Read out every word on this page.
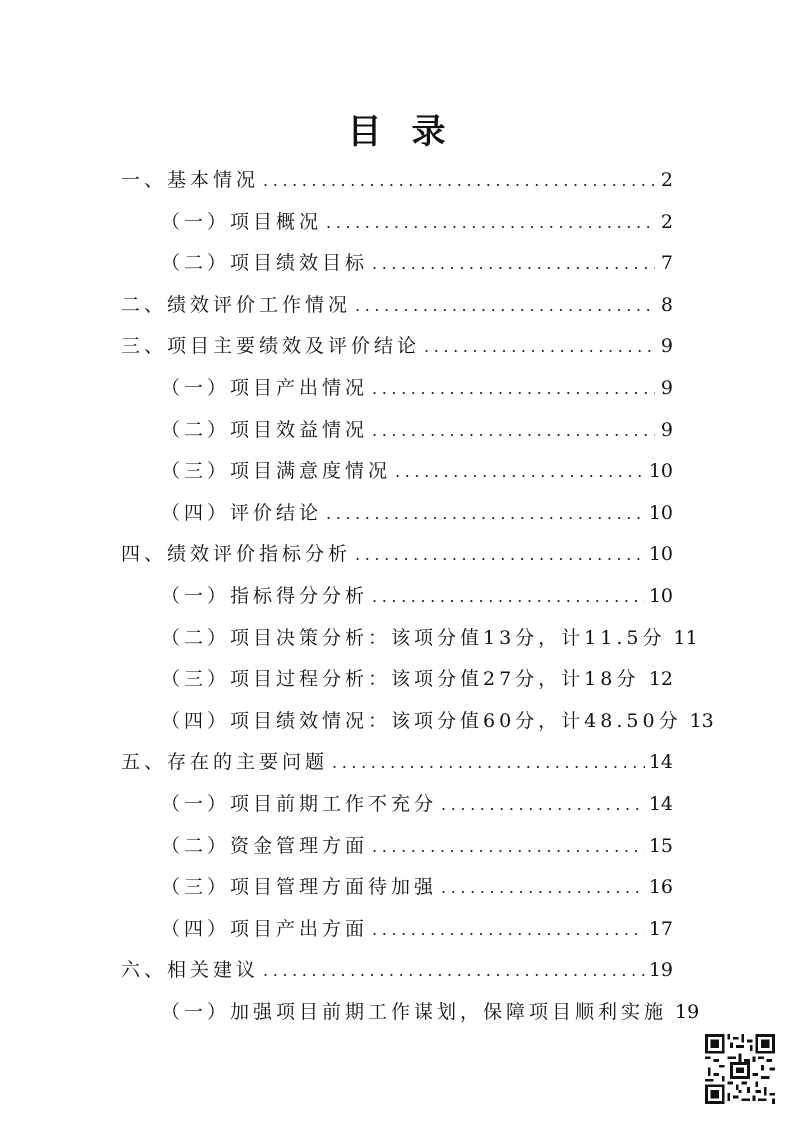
目录
一、基本情况 .....	2
（一）项目概况 .....	2
（二）项目绩效目标 .....	7
二、绩效评价工作情况 .....	8
三、项目主要绩效及评价结论 .....	9
（一）项目产出情况 .....	9
（二）项目效益情况 .....	9
（三）项目满意度情况 .....	10
（四）评价结论 .....	10
四、绩效评价指标分析 .....	10
（一）指标得分分析 .....	10
（二）项目决策分析：该项分值13分，计11.5分 11
（三）项目过程分析：该项分值27分，计18分 ..... 12
（四）项目绩效情况：该项分值60分，计48.50分 13
五、存在的主要问题 .....	14
（一）项目前期工作不充分 .....	14
（二）资金管理方面 .....	15
（三）项目管理方面待加强 .....	16
（四）项目产出方面 .....	17
六、相关建议 .....	19
（一）加强项目前期工作谋划，保障项目顺利实施 19
